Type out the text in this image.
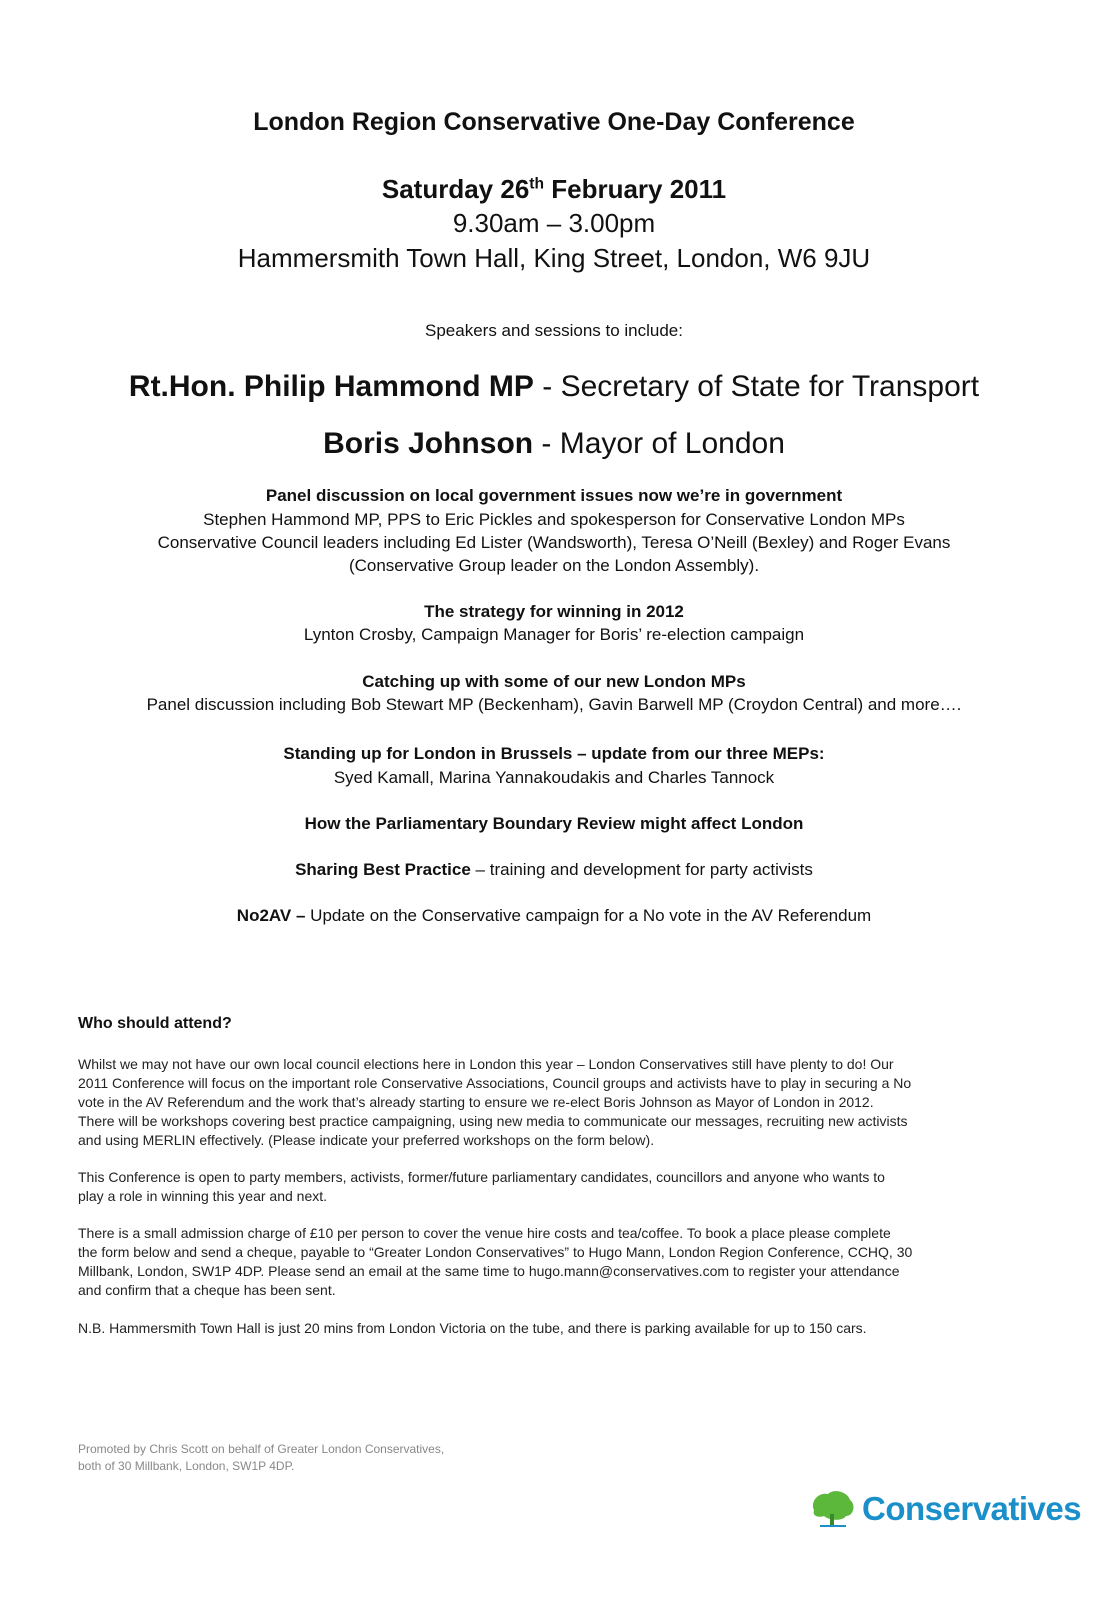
London Region Conservative One-Day Conference
Saturday 26th February 2011
9.30am – 3.00pm
Hammersmith Town Hall, King Street, London, W6 9JU
Speakers and sessions to include:
Rt.Hon. Philip Hammond MP - Secretary of State for Transport
Boris Johnson - Mayor of London
Panel discussion on local government issues now we’re in government
Stephen Hammond MP, PPS to Eric Pickles and spokesperson for Conservative London MPs
Conservative Council leaders including Ed Lister (Wandsworth), Teresa O’Neill (Bexley) and Roger Evans
(Conservative Group leader on the London Assembly).
The strategy for winning in 2012
Lynton Crosby, Campaign Manager for Boris’ re-election campaign
Catching up with some of our new London MPs
Panel discussion including Bob Stewart MP (Beckenham), Gavin Barwell MP (Croydon Central) and more….
Standing up for London in Brussels – update from our three MEPs:
Syed Kamall, Marina Yannakoudakis and Charles Tannock
How the Parliamentary Boundary Review might affect London
Sharing Best Practice – training and development for party activists
No2AV – Update on the Conservative campaign for a No vote in the AV Referendum
Who should attend?
Whilst we may not have our own local council elections here in London this year – London Conservatives still have plenty to do! Our
2011 Conference will focus on the important role Conservative Associations, Council groups and activists have to play in securing a No
vote in the AV Referendum and the work that’s already starting to ensure we re-elect Boris Johnson as Mayor of London in 2012.
There will be workshops covering best practice campaigning, using new media to communicate our messages, recruiting new activists
and using MERLIN effectively. (Please indicate your preferred workshops on the form below).
This Conference is open to party members, activists, former/future parliamentary candidates, councillors and anyone who wants to
play a role in winning this year and next.
There is a small admission charge of £10 per person to cover the venue hire costs and tea/coffee. To book a place please complete
the form below and send a cheque, payable to “Greater London Conservatives” to Hugo Mann, London Region Conference, CCHQ, 30
Millbank, London, SW1P 4DP. Please send an email at the same time to hugo.mann@conservatives.com to register your attendance
and confirm that a cheque has been sent.
N.B. Hammersmith Town Hall is just 20 mins from London Victoria on the tube, and there is parking available for up to 150 cars.
Promoted by Chris Scott on behalf of Greater London Conservatives,
both of 30 Millbank, London, SW1P 4DP.
Conservatives
